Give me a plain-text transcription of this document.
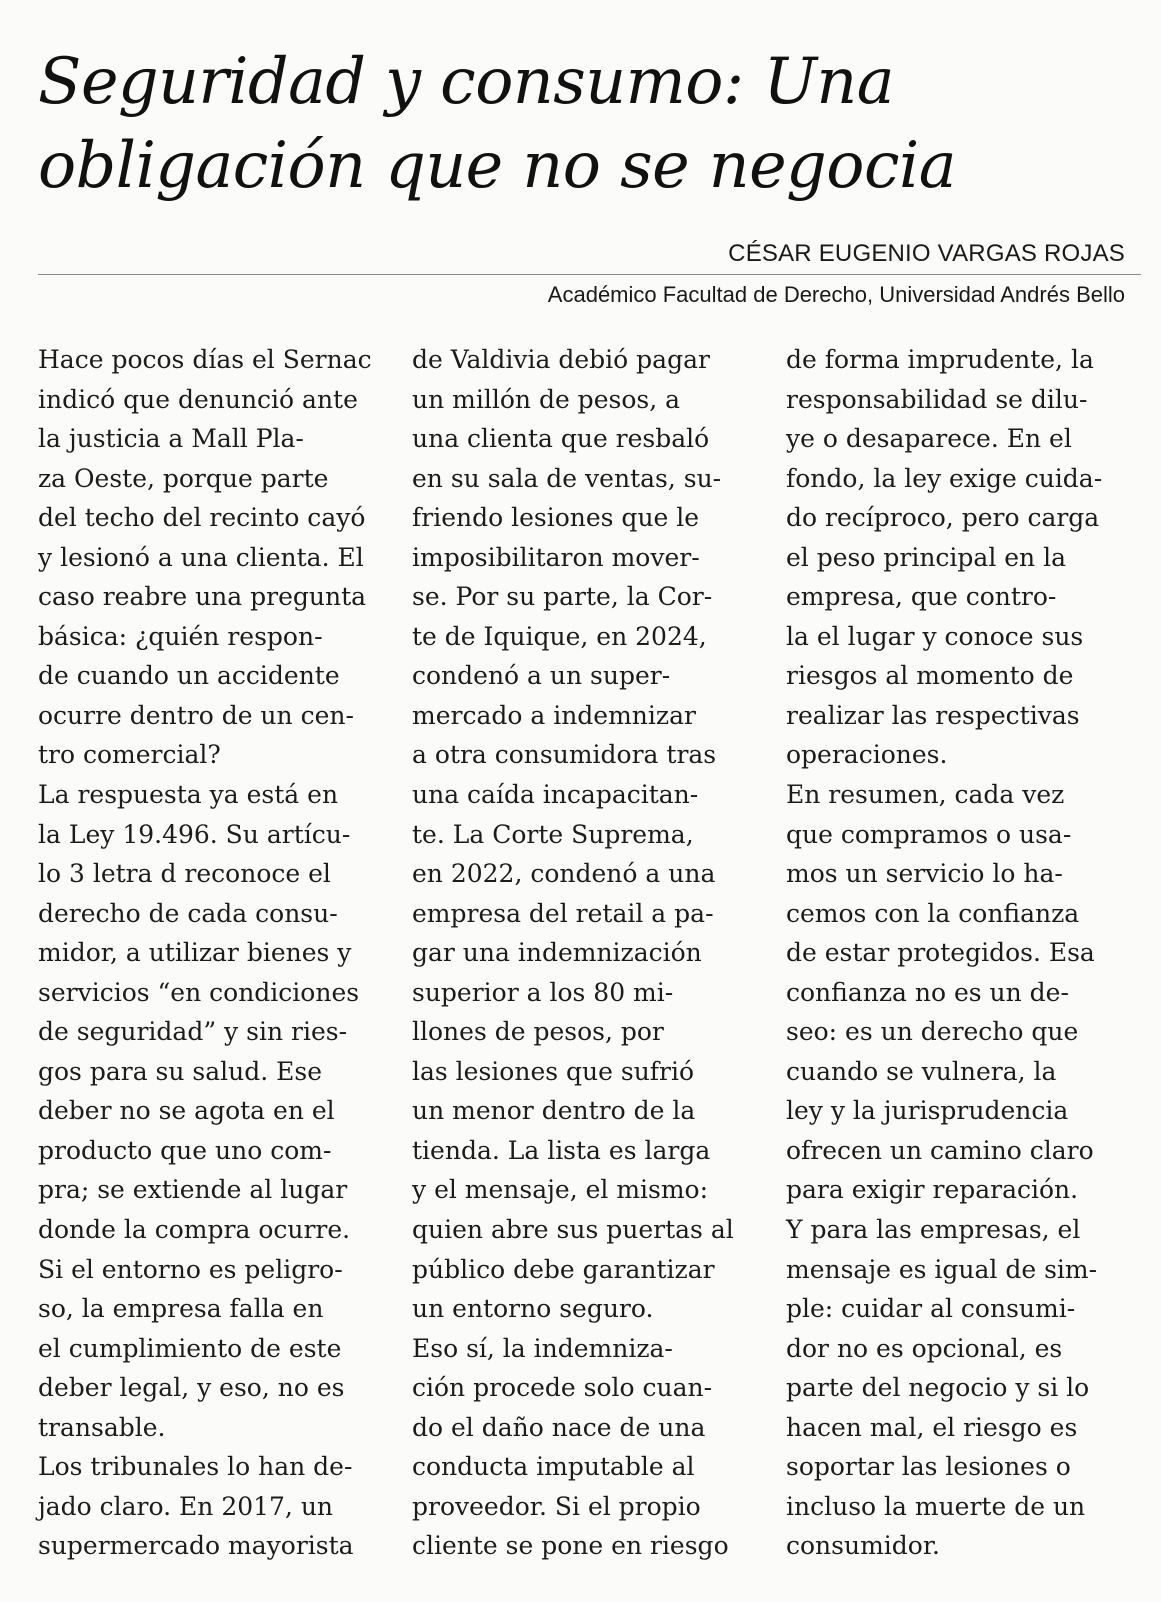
Seguridad y consumo: Una
obligación que no se negocia
CÉSAR EUGENIO VARGAS ROJAS
Académico Facultad de Derecho, Universidad Andrés Bello
Hace pocos días el Sernac
indicó que denunció ante
la justicia a Mall Pla-
za Oeste, porque parte
del techo del recinto cayó
y lesionó a una clienta. El
caso reabre una pregunta
básica: ¿quién respon-
de cuando un accidente
ocurre dentro de un cen-
tro comercial?
La respuesta ya está en
la Ley 19.496. Su artícu-
lo 3 letra d reconoce el
derecho de cada consu-
midor, a utilizar bienes y
servicios “en condiciones
de seguridad” y sin ries-
gos para su salud. Ese
deber no se agota en el
producto que uno com-
pra; se extiende al lugar
donde la compra ocurre.
Si el entorno es peligro-
so, la empresa falla en
el cumplimiento de este
deber legal, y eso, no es
transable.
Los tribunales lo han de-
jado claro. En 2017, un
supermercado mayorista
de Valdivia debió pagar
un millón de pesos, a
una clienta que resbaló
en su sala de ventas, su-
friendo lesiones que le
imposibilitaron mover-
se. Por su parte, la Cor-
te de Iquique, en 2024,
condenó a un super-
mercado a indemnizar
a otra consumidora tras
una caída incapacitan-
te. La Corte Suprema,
en 2022, condenó a una
empresa del retail a pa-
gar una indemnización
superior a los 80 mi-
llones de pesos, por
las lesiones que sufrió
un menor dentro de la
tienda. La lista es larga
y el mensaje, el mismo:
quien abre sus puertas al
público debe garantizar
un entorno seguro.
Eso sí, la indemniza-
ción procede solo cuan-
do el daño nace de una
conducta imputable al
proveedor. Si el propio
cliente se pone en riesgo
de forma imprudente, la
responsabilidad se dilu-
ye o desaparece. En el
fondo, la ley exige cuida-
do recíproco, pero carga
el peso principal en la
empresa, que contro-
la el lugar y conoce sus
riesgos al momento de
realizar las respectivas
operaciones.
En resumen, cada vez
que compramos o usa-
mos un servicio lo ha-
cemos con la confianza
de estar protegidos. Esa
confianza no es un de-
seo: es un derecho que
cuando se vulnera, la
ley y la jurisprudencia
ofrecen un camino claro
para exigir reparación.
Y para las empresas, el
mensaje es igual de sim-
ple: cuidar al consumi-
dor no es opcional, es
parte del negocio y si lo
hacen mal, el riesgo es
soportar las lesiones o
incluso la muerte de un
consumidor.
